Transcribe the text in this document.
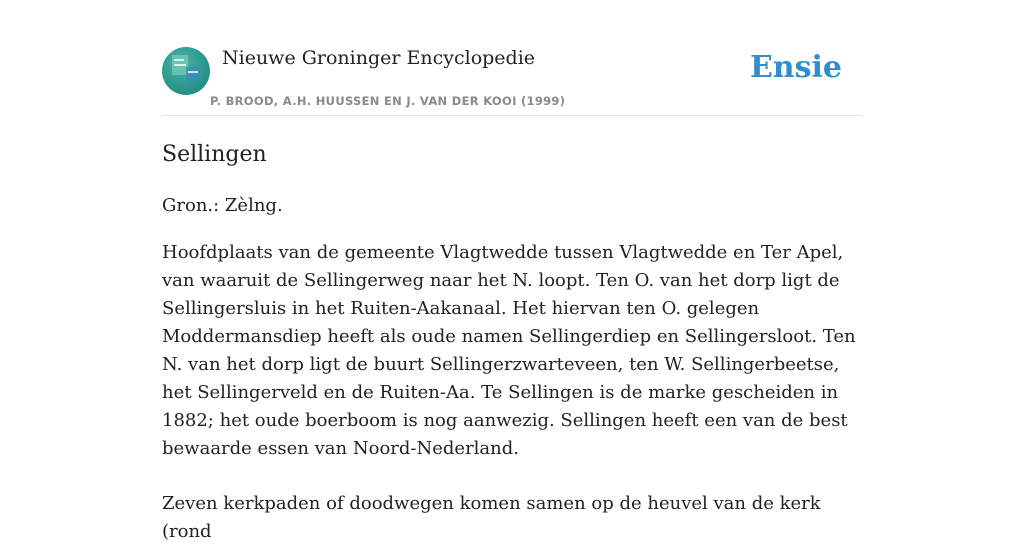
Nieuwe Groninger Encyclopedie
P. BROOD, A.H. HUUSSEN EN J. VAN DER KOOI (1999)
Ensie
Sellingen

Gron.: Zèlng.

Hoofdplaats van de gemeente Vlagtwedde tussen Vlagtwedde en Ter Apel, van waaruit de Sellingerweg naar het N. loopt. Ten O. van het dorp ligt de Sellingersluis in het Ruiten-Aakanaal. Het hiervan ten O. gelegen Moddermansdiep heeft als oude namen Sellingerdiep en Sellingersloot. Ten N. van het dorp ligt de buurt Sellingerzwarteveen, ten W. Sellingerbeetse, het Sellingerveld en de Ruiten-Aa. Te Sellingen is de marke gescheiden in 1882; het oude boerboom is nog aanwezig. Sellingen heeft een van de best bewaarde essen van Noord-Nederland.

Zeven kerkpaden of doodwegen komen samen op de heuvel van de kerk (rond
